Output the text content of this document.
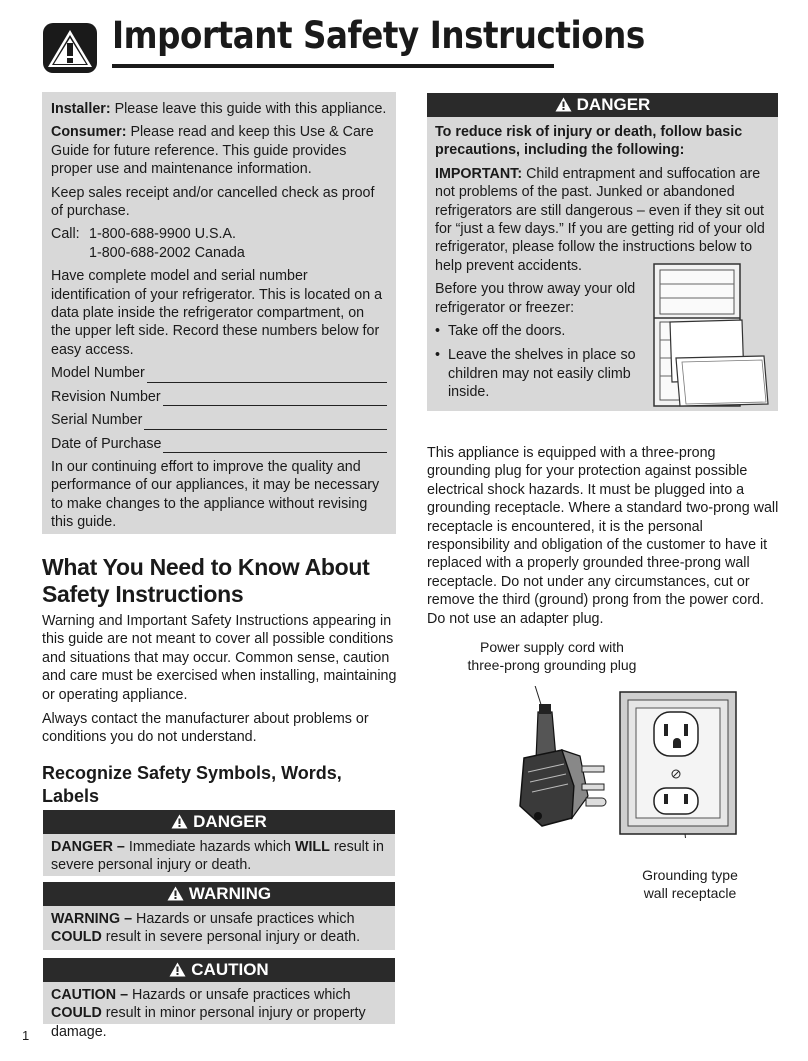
Important Safety Instructions

Installer: Please leave this guide with this appliance.

Consumer: Please read and keep this Use & Care Guide for future reference. This guide provides proper use and maintenance information.

Keep sales receipt and/or cancelled check as proof of purchase.

Call: 1-800-688-9900 U.S.A.
1-800-688-2002 Canada

Have complete model and serial number identification of your refrigerator. This is located on a data plate inside the refrigerator compartment, on the upper left side. Record these numbers below for easy access.

Model Number
Revision Number
Serial Number
Date of Purchase

In our continuing effort to improve the quality and performance of our appliances, it may be necessary to make changes to the appliance without revising this guide.

What You Need to Know About Safety Instructions
Warning and Important Safety Instructions appearing in this guide are not meant to cover all possible conditions and situations that may occur. Common sense, caution and care must be exercised when installing, maintaining or operating appliance.
Always contact the manufacturer about problems or conditions you do not understand.
Recognize Safety Symbols, Words, Labels
DANGER
DANGER – Immediate hazards which WILL result in severe personal injury or death.
WARNING
WARNING – Hazards or unsafe practices which COULD result in severe personal injury or death.
CAUTION
CAUTION – Hazards or unsafe practices which COULD result in minor personal injury or property damage.
1
DANGER

To reduce risk of injury or death, follow basic precautions, including the following:

IMPORTANT: Child entrapment and suffocation are not problems of the past. Junked or abandoned refrigerators are still dangerous – even if they sit out for “just a few days.” If you are getting rid of your old refrigerator, please follow the instructions below to help prevent accidents.

Before you throw away your old refrigerator or freezer:

• Take off the doors.
• Leave the shelves in place so children may not easily climb inside.
This appliance is equipped with a three-prong grounding plug for your protection against possible electrical shock hazards. It must be plugged into a grounding receptacle. Where a standard two-prong wall receptacle is encountered, it is the personal responsibility and obligation of the customer to have it replaced with a properly grounded three-prong wall receptacle. Do not under any circumstances, cut or remove the third (ground) prong from the power cord. Do not use an adapter plug.
Power supply cord with
three-prong grounding plug
Grounding type
wall receptacle
